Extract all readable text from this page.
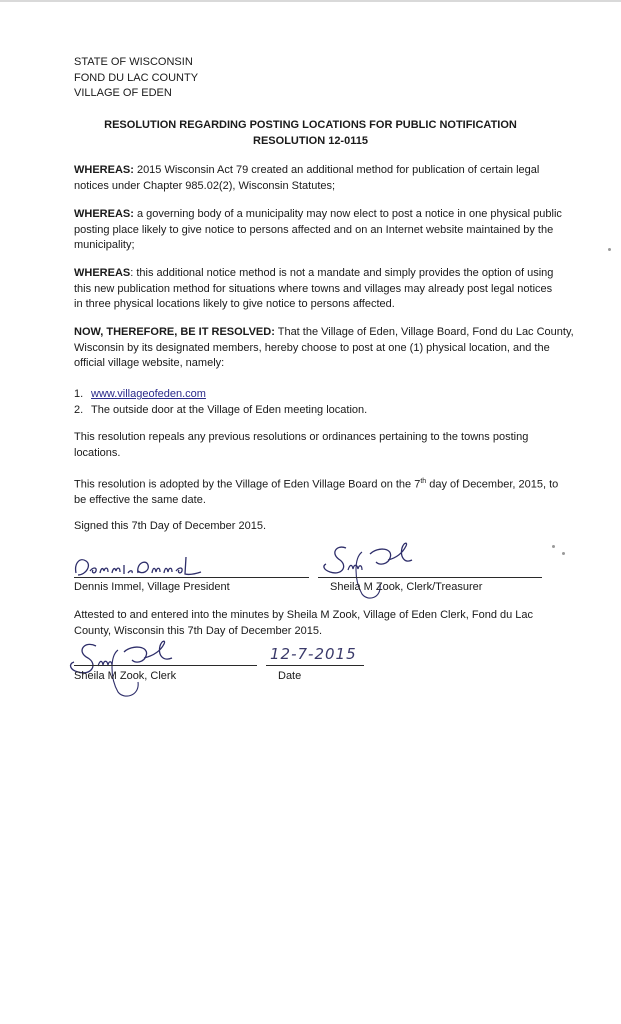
STATE OF WISCONSIN
FOND DU LAC COUNTY
VILLAGE OF EDEN
RESOLUTION REGARDING POSTING LOCATIONS FOR PUBLIC NOTIFICATION
RESOLUTION 12-0115
WHEREAS: 2015 Wisconsin Act 79 created an additional method for publication of certain legal
notices under Chapter 985.02(2), Wisconsin Statutes;
WHEREAS: a governing body of a municipality may now elect to post a notice in one physical public
posting place likely to give notice to persons affected and on an Internet website maintained by the
municipality;
WHEREAS: this additional notice method is not a mandate and simply provides the option of using
this new publication method for situations where towns and villages may already post legal notices
in three physical locations likely to give notice to persons affected.
NOW, THEREFORE, BE IT RESOLVED: That the Village of Eden, Village Board, Fond du Lac County,
Wisconsin by its designated members, hereby choose to post at one (1) physical location, and the
official village website, namely:
1. www.villageofeden.com
2. The outside door at the Village of Eden meeting location.
This resolution repeals any previous resolutions or ordinances pertaining to the towns posting
locations.
This resolution is adopted by the Village of Eden Village Board on the 7th day of December, 2015, to
be effective the same date.
Signed this 7th Day of December 2015.
Dennis Immel, Village President	Sheila M Zook, Clerk/Treasurer
Attested to and entered into the minutes by Sheila M Zook, Village of Eden Clerk, Fond du Lac
County, Wisconsin this 7th Day of December 2015.
Sheila M Zook, Clerk
12-7-2015
Date
